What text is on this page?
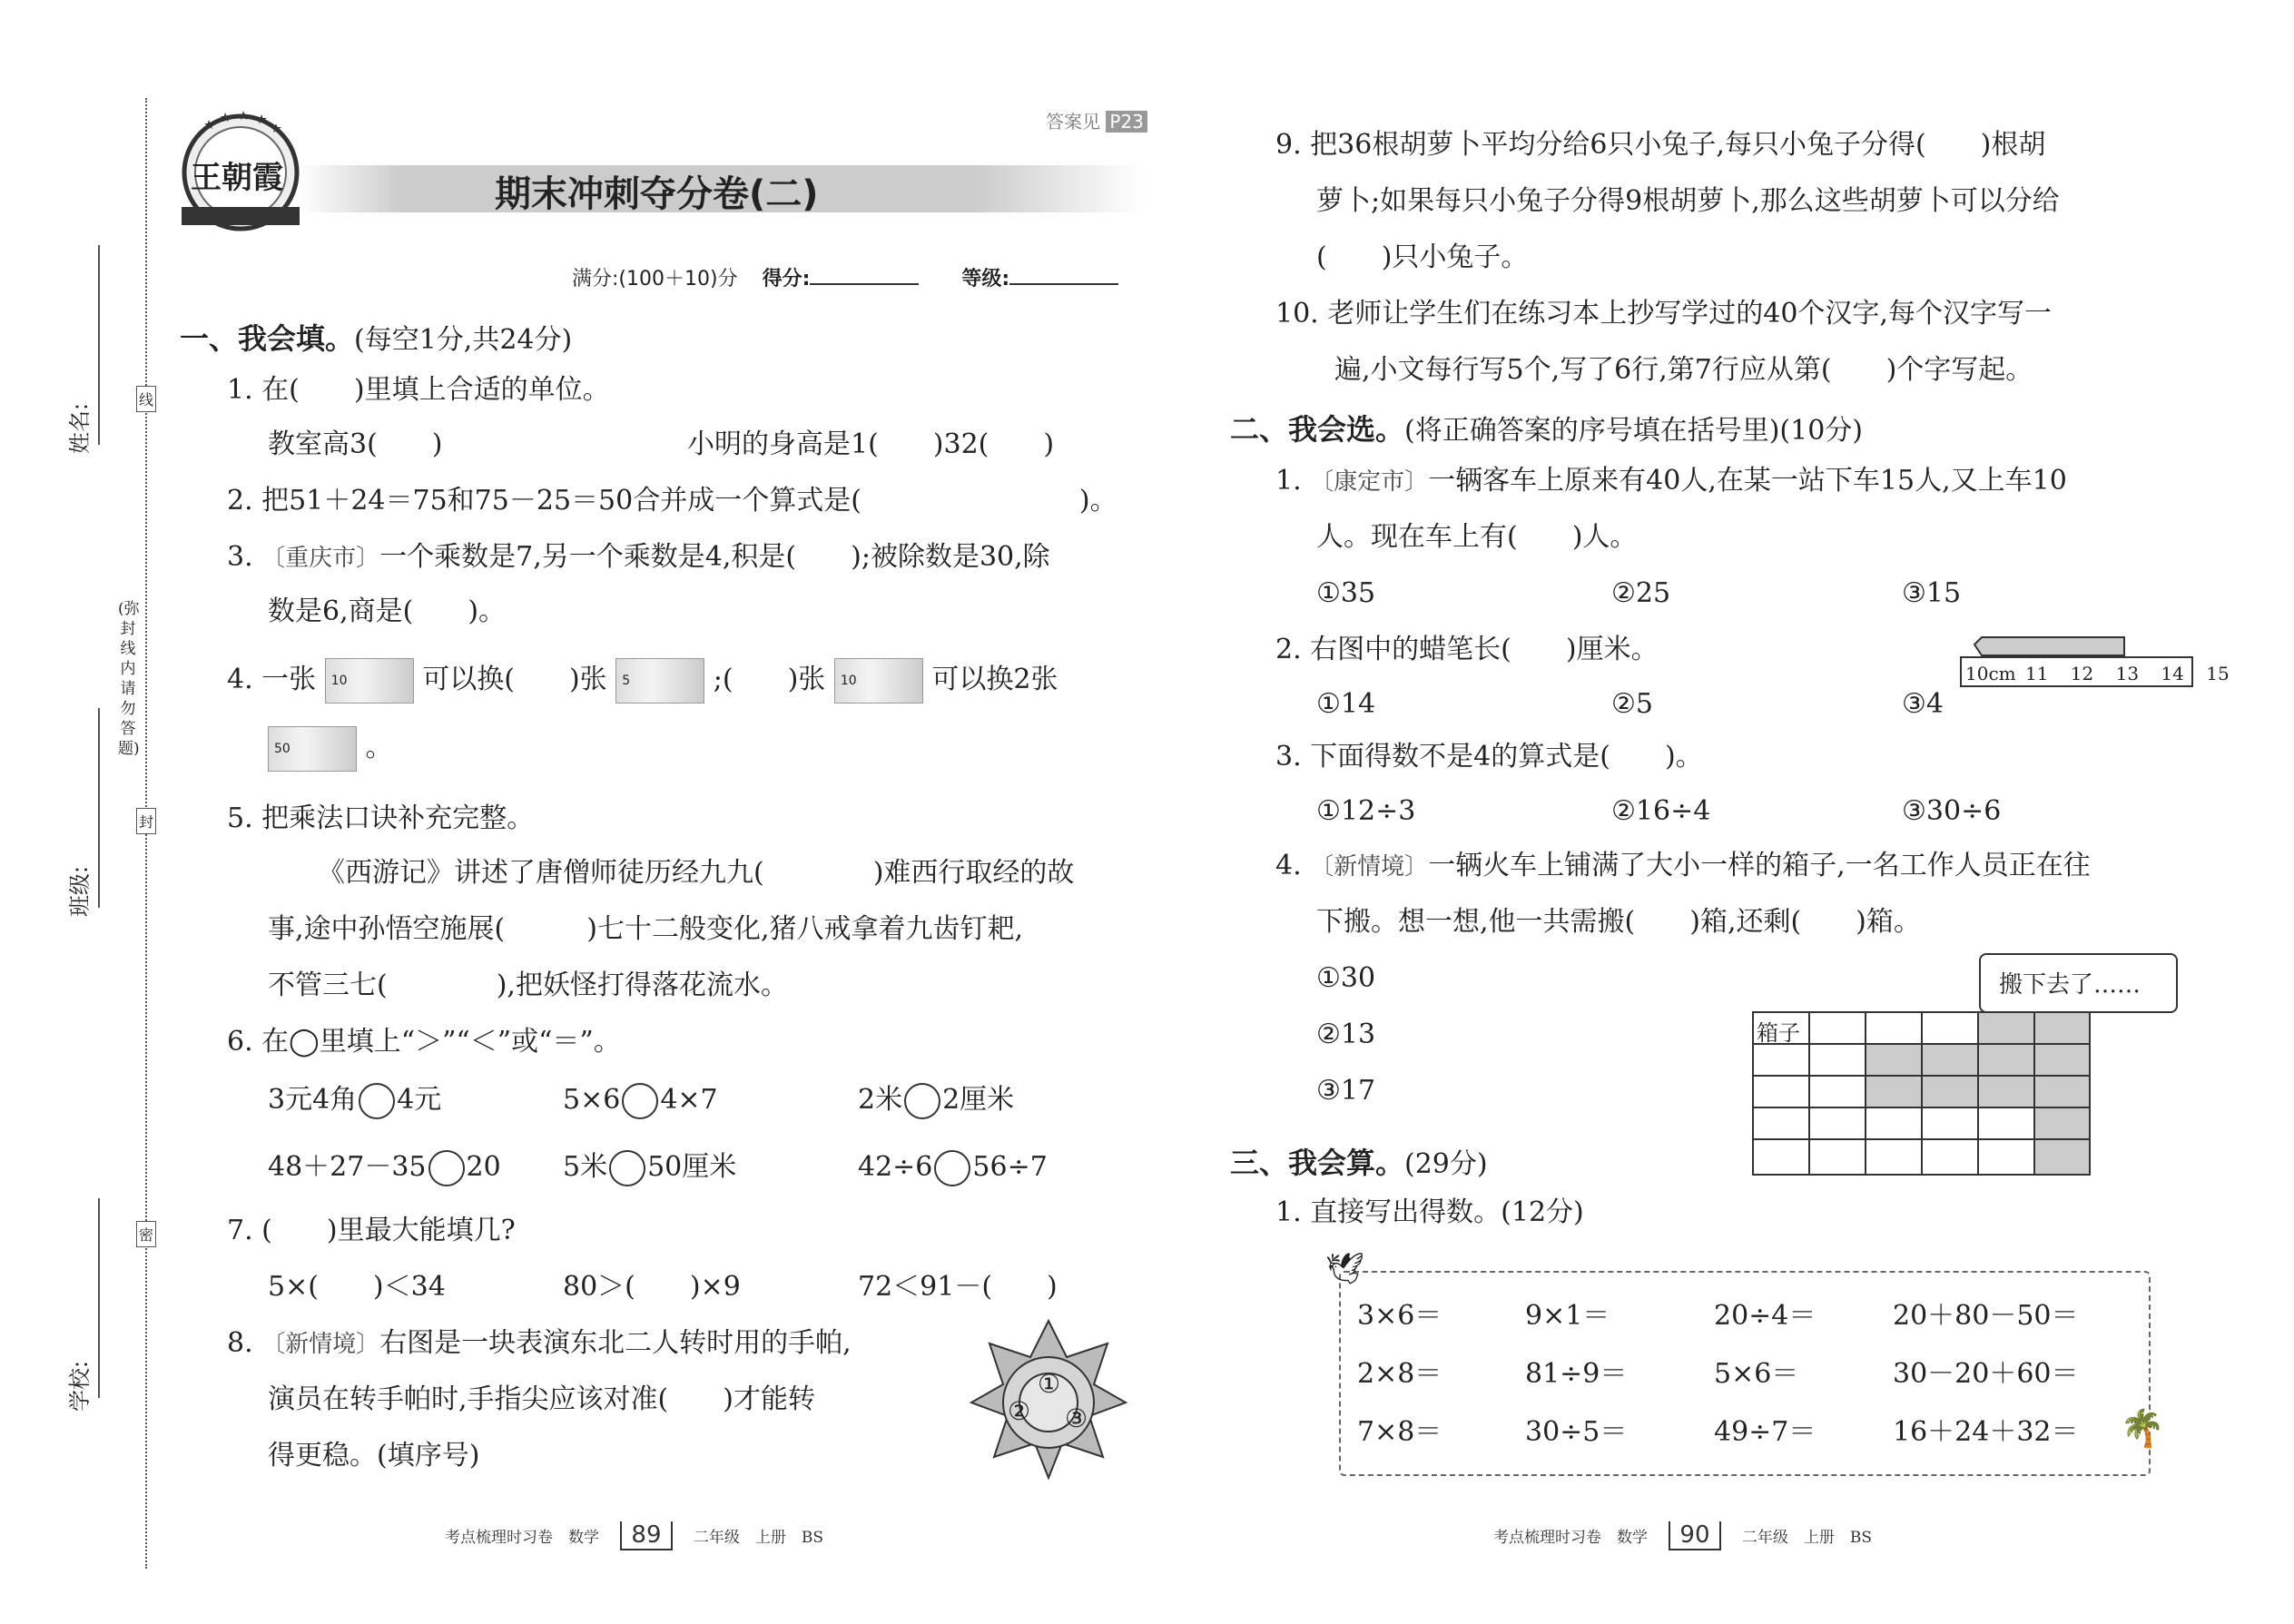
姓名:
班级:
学校:
线
封
密
(弥封线内请勿答题)
王朝霞	期末冲刺夺分卷(二)
答案见 P23
满分:(100＋10)分 得分:	等级:
一、我会填。(每空1分,共24分)
1. 在(　　)里填上合适的单位。
教室高3(　　)	小明的身高是1(　　)32(　　)
2. 把51＋24＝75和75－25＝50合并成一个算式是(　　　　　　　　)。
3. 〔重庆市〕一个乘数是7,另一个乘数是4,积是(　　);被除数是30,除
数是6,商是(　　)。
4. 一张 10	可以换(　　)张 5	;(　　)张 10	可以换2张
50	。
5. 把乘法口诀补充完整。
《西游记》讲述了唐僧师徒历经九九(　　　　)难西行取经的故
事,途中孙悟空施展(　　　)七十二般变化,猪八戒拿着九齿钉耙,
不管三七(　　　　),把妖怪打得落花流水。
6. 在◯里填上“＞”“＜”或“＝”。
3元4角 4元	5×6 4×7	2米 2厘米
48＋27－35 20 5米 50厘米	42÷6 56÷7
7. (　　)里最大能填几?
5×(　　)＜34	80＞(　　)×9	72＜91－(　　)
8. 〔新情境〕右图是一块表演东北二人转时用的手帕,
演员在转手帕时,手指尖应该对准(　　)才能转
得更稳。(填序号)
①
② ③
9. 把36根胡萝卜平均分给6只小兔子,每只小兔子分得(　　)根胡
萝卜;如果每只小兔子分得9根胡萝卜,那么这些胡萝卜可以分给
(　　)只小兔子。
10. 老师让学生们在练习本上抄写学过的40个汉字,每个汉字写一
遍,小文每行写5个,写了6行,第7行应从第(　　)个字写起。
二、我会选。(将正确答案的序号填在括号里)(10分)
1. 〔康定市〕一辆客车上原来有40人,在某一站下车15人,又上车10
人。现在车上有(　　)人。
①35	②25	③15
2. 右图中的蜡笔长(　　)厘米。
①14	②5	③4
10cm 11 12 13 14 15
3. 下面得数不是4的算式是(　　)。
①12÷3	②16÷4	③30÷6
4. 〔新情境〕一辆火车上铺满了大小一样的箱子,一名工作人员正在往
下搬。想一想,他一共需搬(　　)箱,还剩(　　)箱。
①30
②13
③17
搬下去了……
箱子
三、我会算。(29分)
1. 直接写出得数。(12分)
🕊
🌴
3×6＝	9×1＝	20÷4＝	20＋80－50＝
2×8＝	81÷9＝	5×6＝	30－20＋60＝
7×8＝	30÷5＝	49÷7＝	16＋24＋32＝
考点梳理时习卷　数学 89 二年级　上册　BS	考点梳理时习卷　数学 90 二年级　上册　BS
